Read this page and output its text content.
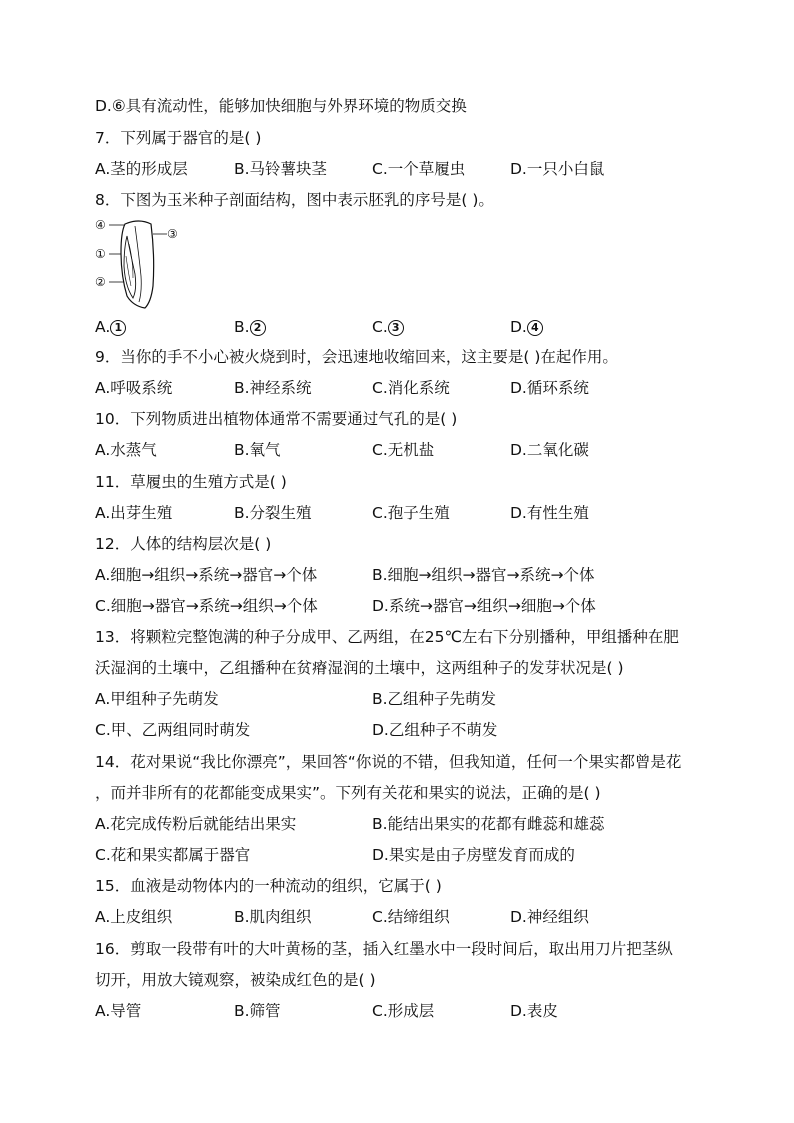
D.⑥具有流动性，能够加快细胞与外界环境的物质交换
7．下列属于器官的是( )
A.茎的形成层	B.马铃薯块茎	C.一个草履虫	D.一只小白鼠
8．下图为玉米种子剖面结构，图中表示胚乳的序号是( )。
④
①
②
③
A. 1	B. 2	C. 3	D. 4
9．当你的手不小心被火烧到时，会迅速地收缩回来，这主要是( )在起作用。
A.呼吸系统	B.神经系统	C.消化系统	D.循环系统
10．下列物质进出植物体通常不需要通过气孔的是( )
A.水蒸气	B.氧气	C.无机盐	D.二氧化碳
11．草履虫的生殖方式是( )
A.出芽生殖	B.分裂生殖	C.孢子生殖	D.有性生殖
12．人体的结构层次是( )
A.细胞→组织→系统→器官→个体	B.细胞→组织→器官→系统→个体
C.细胞→器官→系统→组织→个体	D.系统→器官→组织→细胞→个体
13．将颗粒完整饱满的种子分成甲、乙两组，在25℃左右下分别播种，甲组播种在肥
沃湿润的土壤中，乙组播种在贫瘠湿润的土壤中，这两组种子的发芽状况是( )
A.甲组种子先萌发	B.乙组种子先萌发
C.甲、乙两组同时萌发	D.乙组种子不萌发
14．花对果说“我比你漂亮”，果回答“你说的不错，但我知道，任何一个果实都曾是花
，而并非所有的花都能变成果实”。下列有关花和果实的说法，正确的是( )
A.花完成传粉后就能结出果实	B.能结出果实的花都有雌蕊和雄蕊
C.花和果实都属于器官	D.果实是由子房壁发育而成的
15．血液是动物体内的一种流动的组织，它属于( )
A.上皮组织	B.肌肉组织	C.结缔组织	D.神经组织
16．剪取一段带有叶的大叶黄杨的茎，插入红墨水中一段时间后，取出用刀片把茎纵
切开，用放大镜观察，被染成红色的是( )
A.导管	B.筛管	C.形成层	D.表皮
